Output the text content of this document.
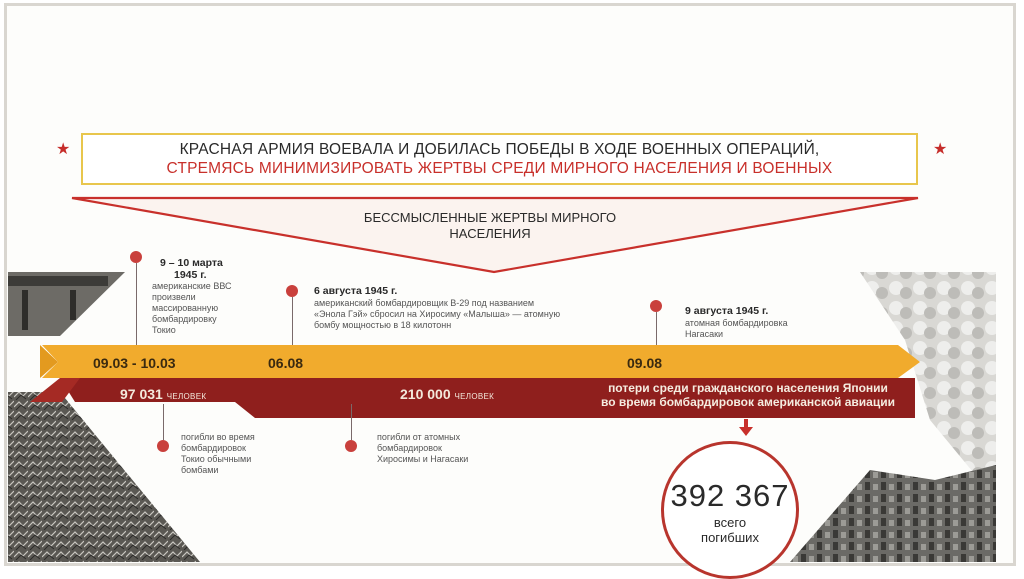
★	★
КРАСНАЯ АРМИЯ ВОЕВАЛА И ДОБИЛАСЬ ПОБЕДЫ В ХОДЕ ВОЕННЫХ ОПЕРАЦИЙ,
СТРЕМЯСЬ МИНИМИЗИРОВАТЬ ЖЕРТВЫ СРЕДИ МИРНОГО НАСЕЛЕНИЯ И ВОЕННЫХ
БЕССМЫСЛЕННЫЕ ЖЕРТВЫ МИРНОГО
НАСЕЛЕНИЯ
9 – 10 марта
1945 г.
американские ВВС
произвели
массированную
бомбардировку
Токио
6 августа 1945 г.
американский бомбардировщик B-29 под названием
«Энола Гэй» сбросил на Хиросиму «Малыша» — атомную
бомбу мощностью в 18 килотонн
9 августа 1945 г.
атомная бомбардировка
Нагасаки
09.03 - 10.03	06.08	09.08
97 031 ЧЕЛОВЕК	210 000 ЧЕЛОВЕК
потери среди гражданского населения Японии
во время бомбардировок американской авиации
погибли во время
бомбардировок
Токио обычными
бомбами
погибли от атомных
бомбардировок
Хиросимы и Нагасаки
392 367
всего
погибших
